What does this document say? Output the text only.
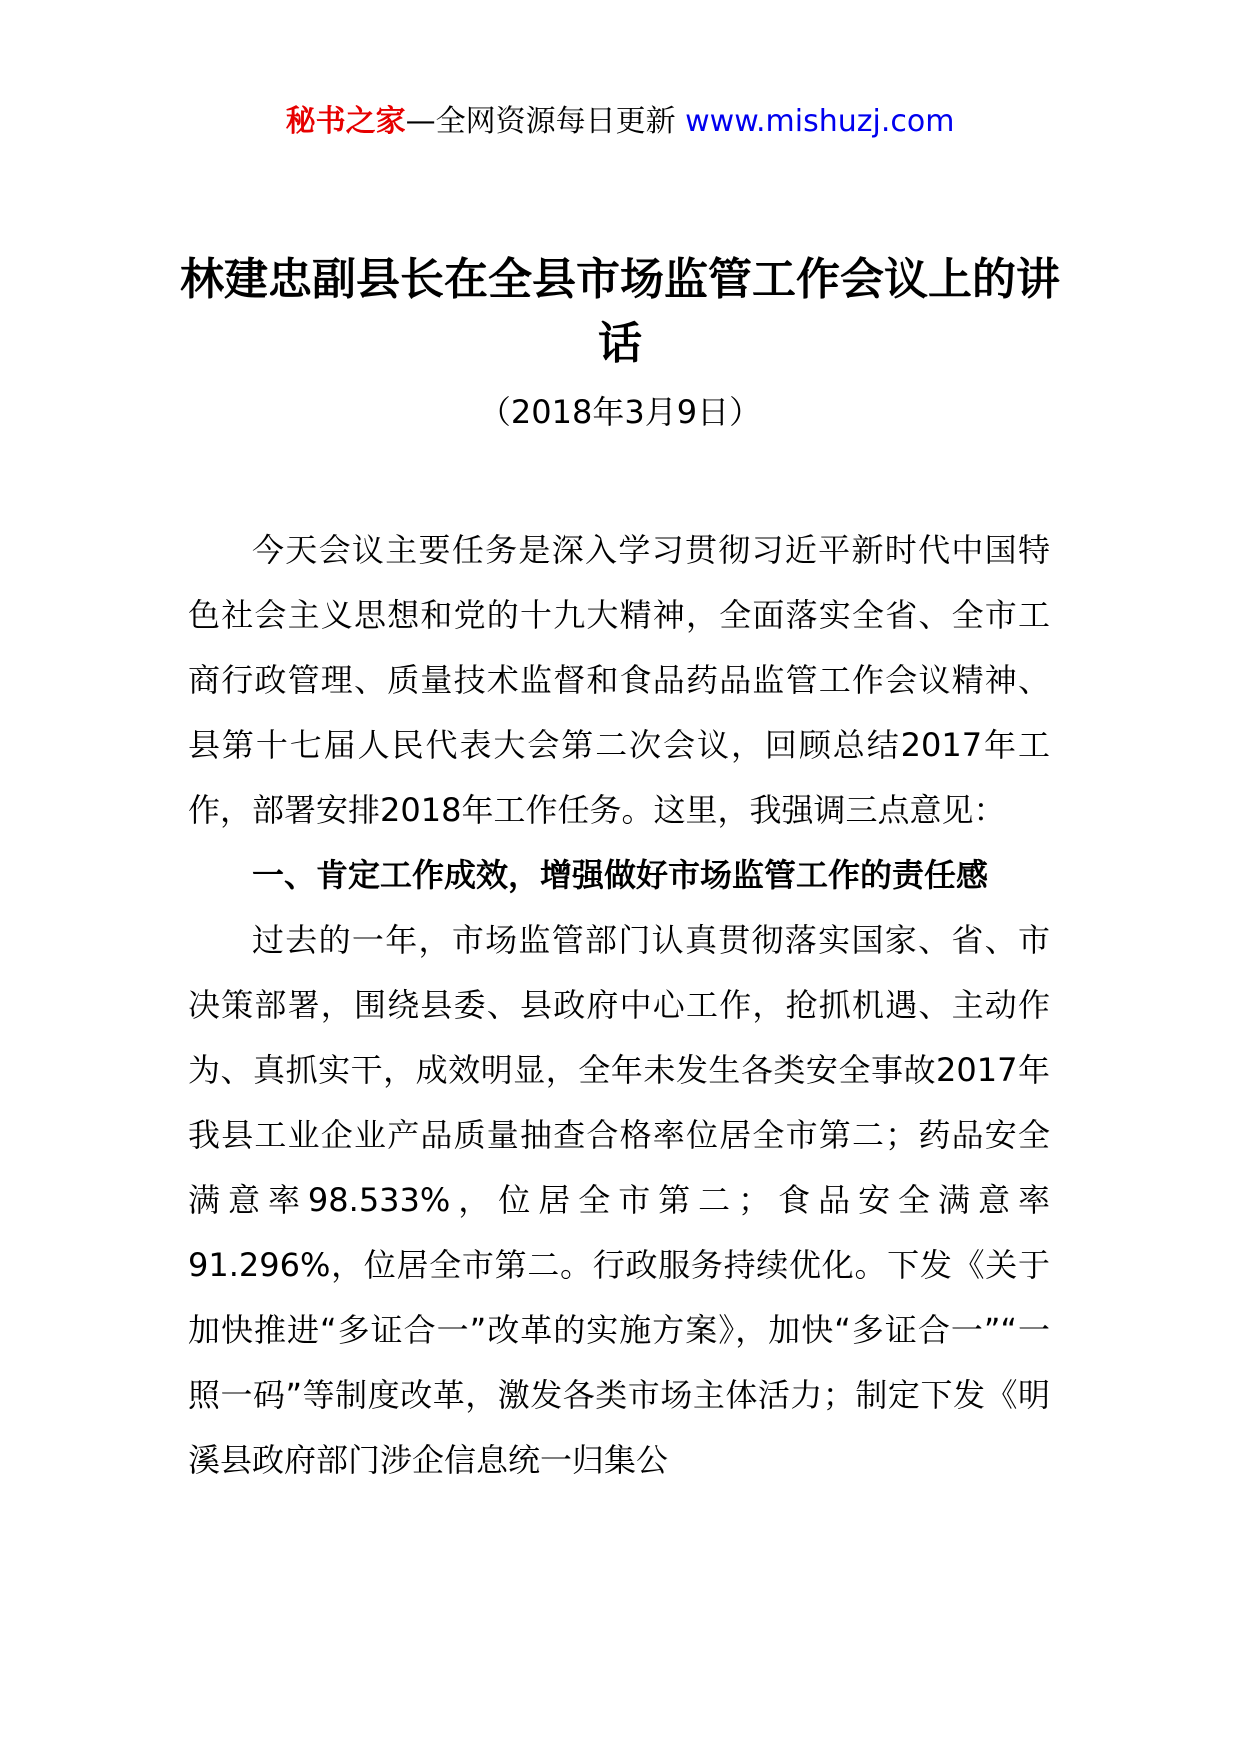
秘书之家—全网资源每日更新 www.mishuzj.com
林建忠副县长在全县市场监管工作会议上的讲话
（2018年3月9日）

今天会议主要任务是深入学习贯彻习近平新时代中国特色社会主义思想和党的十九大精神，全面落实全省、全市工商行政管理、质量技术监督和食品药品监管工作会议精神、县第十七届人民代表大会第二次会议，回顾总结2017年工作，部署安排2018年工作任务。这里，我强调三点意见：

一、肯定工作成效，增强做好市场监管工作的责任感

过去的一年，市场监管部门认真贯彻落实国家、省、市决策部署，围绕县委、县政府中心工作，抢抓机遇、主动作为、真抓实干，成效明显，全年未发生各类安全事故2017年我县工业企业产品质量抽查合格率位居全市第二；药品安全满意率98.533%，位居全市第二；食品安全满意率91.296%，位居全市第二。行政服务持续优化。下发《关于加快推进“多证合一”改革的实施方案》，加快“多证合一”“一照一码”等制度改革，激发各类市场主体活力；制定下发《明溪县政府部门涉企信息统一归集公
